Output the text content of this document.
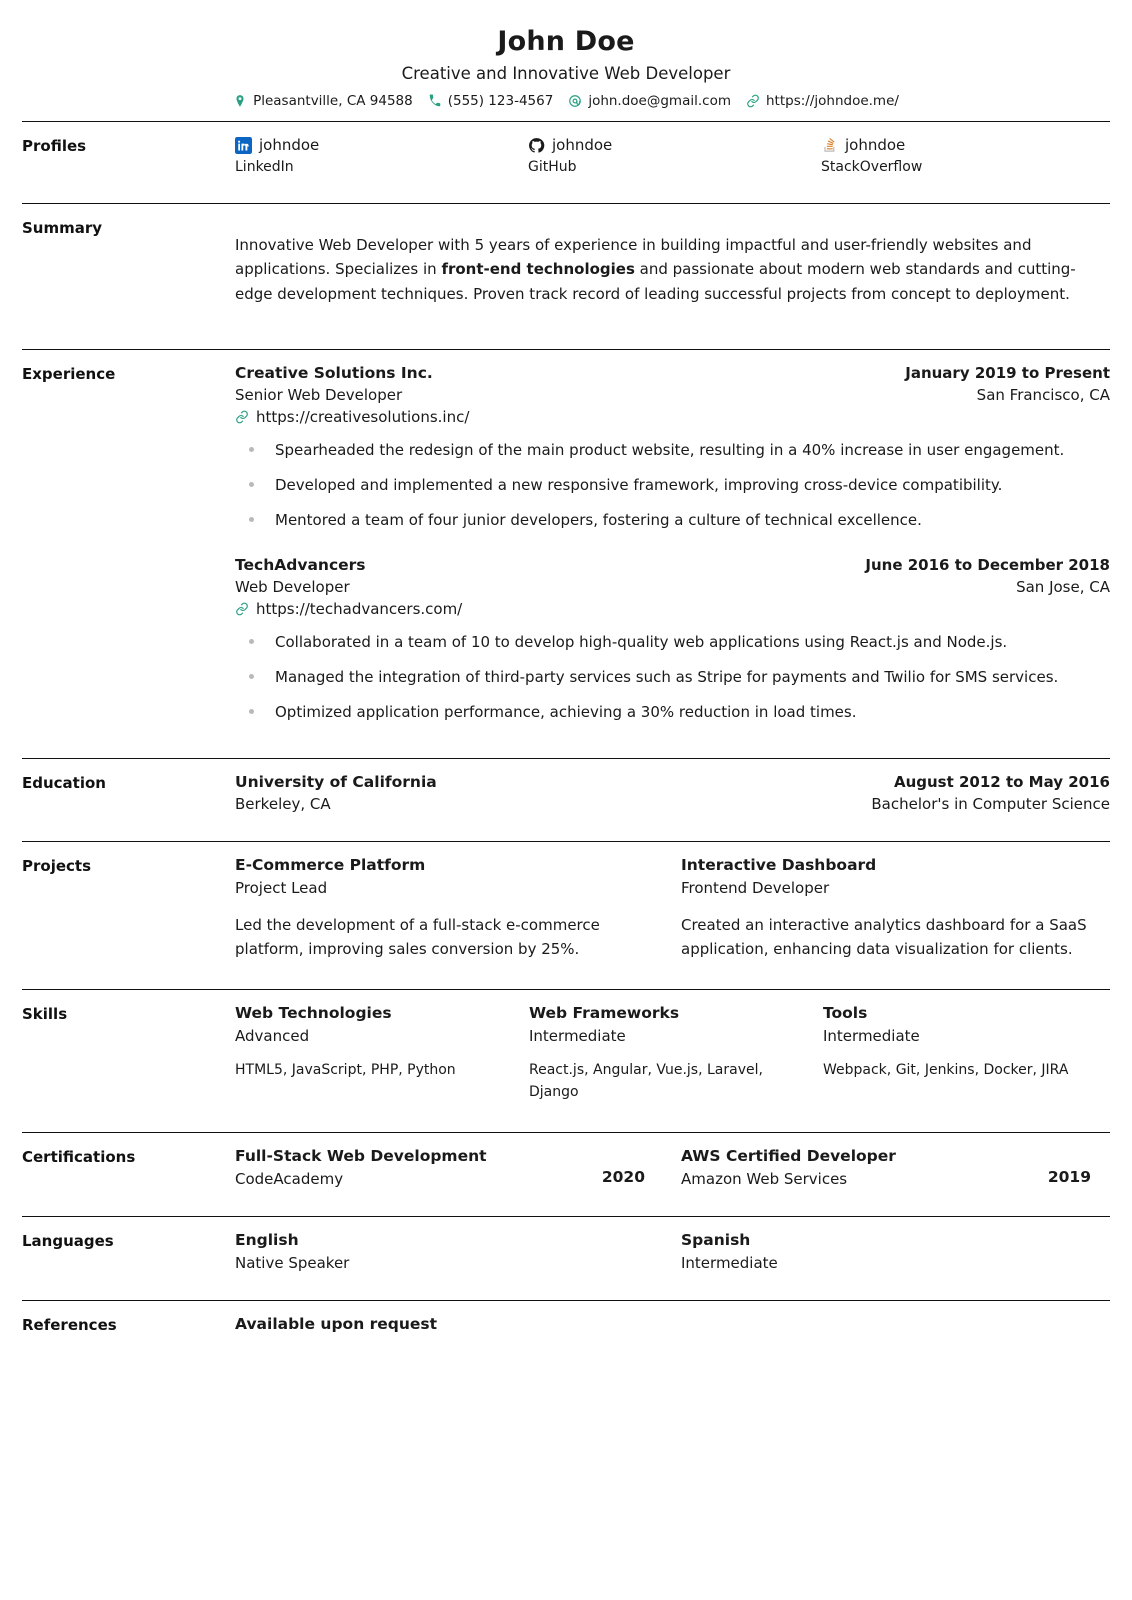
John Doe
Creative and Innovative Web Developer
Pleasantville, CA 94588	(555) 123-4567	john.doe@gmail.com	https://johndoe.me/
Profiles	johndoe
LinkedIn
johndoe
GitHub
johndoe
StackOverflow
Summary

Innovative Web Developer with 5 years of experience in building impactful and user-friendly websites and applications. Specializes in front-end technologies and passionate about modern web standards and cutting-edge development techniques. Proven track record of leading successful projects from concept to deployment.

Experience	Creative Solutions Inc.	January 2019 to Present
Senior Web Developer	San Francisco, CA
https://creativesolutions.inc/
Spearheaded the redesign of the main product website, resulting in a 40% increase in user engagement.
Developed and implemented a new responsive framework, improving cross-device compatibility.
Mentored a team of four junior developers, fostering a culture of technical excellence.
TechAdvancers	June 2016 to December 2018
Web Developer	San Jose, CA
https://techadvancers.com/
Collaborated in a team of 10 to develop high-quality web applications using React.js and Node.js.
Managed the integration of third-party services such as Stripe for payments and Twilio for SMS services.
Optimized application performance, achieving a 30% reduction in load times.
Education	University of California	August 2012 to May 2016
Berkeley, CA	Bachelor's in Computer Science
Projects	E-Commerce Platform
Project Lead
Led the development of a full-stack e-commerce platform, improving sales conversion by 25%.
Interactive Dashboard
Frontend Developer
Created an interactive analytics dashboard for a SaaS application, enhancing data visualization for clients.
Skills	Web Technologies
Advanced
HTML5, JavaScript, PHP, Python
Web Frameworks
Intermediate
React.js, Angular, Vue.js, Laravel, Django
Tools
Intermediate
Webpack, Git, Jenkins, Docker, JIRA
Certifications	Full-Stack Web Development
CodeAcademy	2020
AWS Certified Developer
Amazon Web Services	2019
Languages	English
Native Speaker
Spanish
Intermediate
References	Available upon request
